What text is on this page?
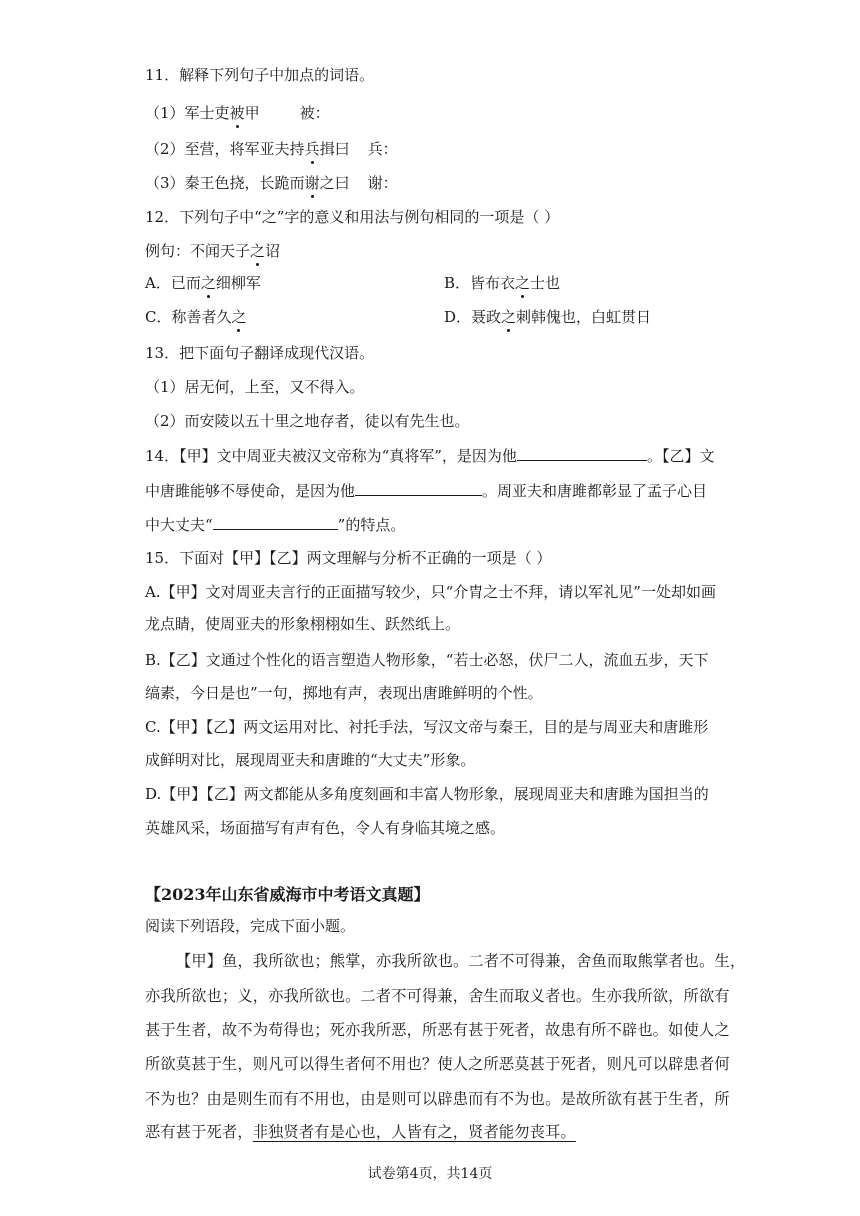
11．解释下列句子中加点的词语。
（1）军士吏被甲	被：
（2）至营，将军亚夫持兵揖曰 兵：
（3）秦王色挠，长跪而谢之曰 谢：
12．下列句子中“之”字的意义和用法与例句相同的一项是（ ）
例句：不闻天子之诏
A．已而之细柳军	B．皆布衣之士也
C．称善者久之	D．聂政之刺韩傀也，白虹贯日
13．把下面句子翻译成现代汉语。
（1）居无何，上至，又不得入。
（2）而安陵以五十里之地存者，徒以有先生也。
14．【甲】文中周亚夫被汉文帝称为“真将军”，是因为他	。【乙】文
中唐雎能够不辱使命，是因为他	。周亚夫和唐雎都彰显了孟子心目
中大丈夫“	”的特点。
15．下面对【甲】【乙】两文理解与分析不正确的一项是（ ）
A.【甲】文对周亚夫言行的正面描写较少，只“介胄之士不拜，请以军礼见”一处却如画
龙点睛，使周亚夫的形象栩栩如生、跃然纸上。
B.【乙】文通过个性化的语言塑造人物形象，“若士必怒，伏尸二人，流血五步，天下
缟素，今日是也”一句，掷地有声，表现出唐雎鲜明的个性。
C.【甲】【乙】两文运用对比、衬托手法，写汉文帝与秦王，目的是与周亚夫和唐雎形
成鲜明对比，展现周亚夫和唐雎的“大丈夫”形象。
D.【甲】【乙】两文都能从多角度刻画和丰富人物形象，展现周亚夫和唐雎为国担当的
英雄风采，场面描写有声有色，令人有身临其境之感。
【2023年山东省威海市中考语文真题】
阅读下列语段，完成下面小题。
【甲】鱼，我所欲也；熊掌，亦我所欲也。二者不可得兼，舍鱼而取熊掌者也。生，
亦我所欲也；义，亦我所欲也。二者不可得兼，舍生而取义者也。生亦我所欲，所欲有
甚于生者，故不为苟得也；死亦我所恶，所恶有甚于死者，故患有所不辟也。如使人之
所欲莫甚于生，则凡可以得生者何不用也？使人之所恶莫甚于死者，则凡可以辟患者何
不为也？由是则生而有不用也，由是则可以辟患而有不为也。是故所欲有甚于生者，所
恶有甚于死者，非独贤者有是心也，人皆有之，贤者能勿丧耳。
试卷第4页，共14页
